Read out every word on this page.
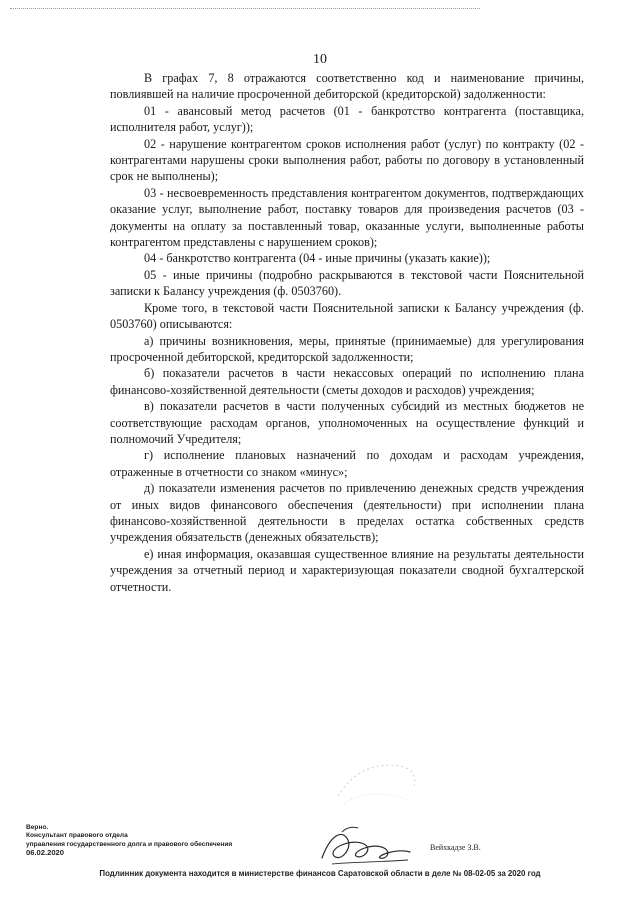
10

В графах 7, 8 отражаются соответственно код и наименование причины, повлиявшей на наличие просроченной дебиторской (кредиторской) задолженности:

01 - авансовый метод расчетов (01 - банкротство контрагента (поставщика, исполнителя работ, услуг));

02 - нарушение контрагентом сроков исполнения работ (услуг) по контракту (02 - контрагентами нарушены сроки выполнения работ, работы по договору в установленный срок не выполнены);

03 - несвоевременность представления контрагентом документов, подтверждающих оказание услуг, выполнение работ, поставку товаров для произведения расчетов (03 - документы на оплату за поставленный товар, оказанные услуги, выполненные работы контрагентом представлены с нарушением сроков);

04 - банкротство контрагента (04 - иные причины (указать какие));

05 - иные причины (подробно раскрываются в текстовой части Пояснительной записки к Балансу учреждения (ф. 0503760).

Кроме того, в текстовой части Пояснительной записки к Балансу учреждения (ф. 0503760) описываются:

а) причины возникновения, меры, принятые (принимаемые) для урегулирования просроченной дебиторской, кредиторской задолженности;

б) показатели расчетов в части некассовых операций по исполнению плана финансово-хозяйственной деятельности (сметы доходов и расходов) учреждения;

в) показатели расчетов в части полученных субсидий из местных бюджетов не соответствующие расходам органов, уполномоченных на осуществление функций и полномочий Учредителя;

г) исполнение плановых назначений по доходам и расходам учреждения, отраженные в отчетности со знаком «минус»;

д) показатели изменения расчетов по привлечению денежных средств учреждения от иных видов финансового обеспечения (деятельности) при исполнении плана финансово-хозяйственной деятельности в пределах остатка собственных средств учреждения обязательств (денежных обязательств);

е) иная информация, оказавшая существенное влияние на результаты деятельности учреждения за отчетный период и характеризующая показатели сводной бухгалтерской отчетности.

Верно.
Консультант правового отдела
управления государственного долга и правового обеспечения
06.02.2020
Вейхкадзе З.В.
Подлинник документа находится в министерстве финансов Саратовской области в деле № 08-02-05 за 2020 год
